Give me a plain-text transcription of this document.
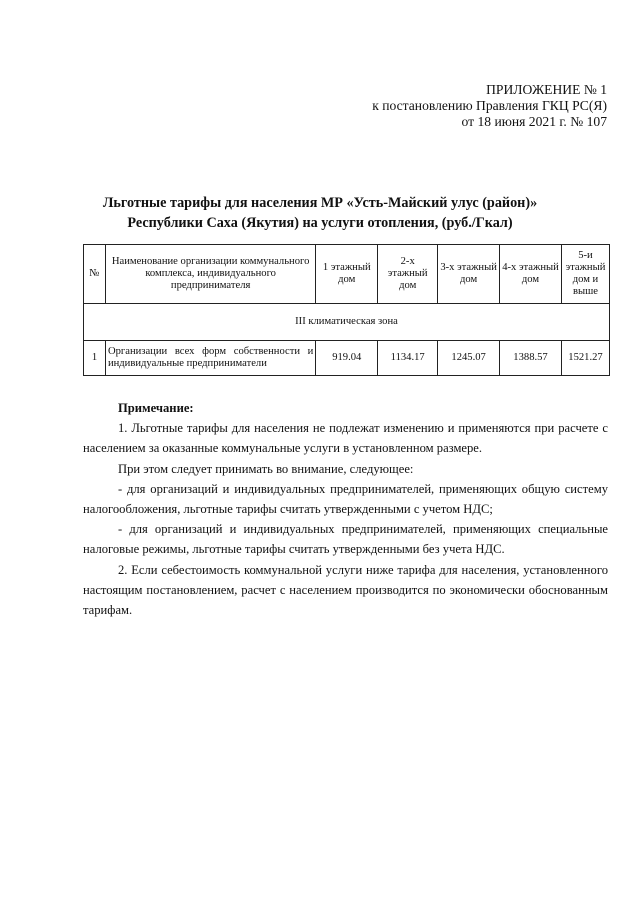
ПРИЛОЖЕНИЕ № 1
к постановлению Правления ГКЦ РС(Я)
от 18 июня 2021 г. № 107
Льготные тарифы для населения МР «Усть-Майский улус (район)»
Республики Саха (Якутия) на услуги отопления, (руб./Гкал)
№	Наименование организации коммунального комплекса, индивидуального предпринимателя	1 этажный дом	2-х этажный дом	3-х этажный дом	4-х этажный дом	5-и этажный дом и выше
III климатическая зона						
1	Организации всех форм собственности и индивидуальные предприниматели	919.04	1134.17	1245.07	1388.57	1521.27

Примечание:

1. Льготные тарифы для населения не подлежат изменению и применяются при расчете с населением за оказанные коммунальные услуги в установленном размере.

При этом следует принимать во внимание, следующее:

- для организаций и индивидуальных предпринимателей, применяющих общую систему налогообложения, льготные тарифы считать утвержденными с учетом НДС;

- для организаций и индивидуальных предпринимателей, применяющих специальные налоговые режимы, льготные тарифы считать утвержденными без учета НДС.

2. Если себестоимость коммунальной услуги ниже тарифа для населения, установленного настоящим постановлением, расчет с населением производится по экономически обоснованным тарифам.
